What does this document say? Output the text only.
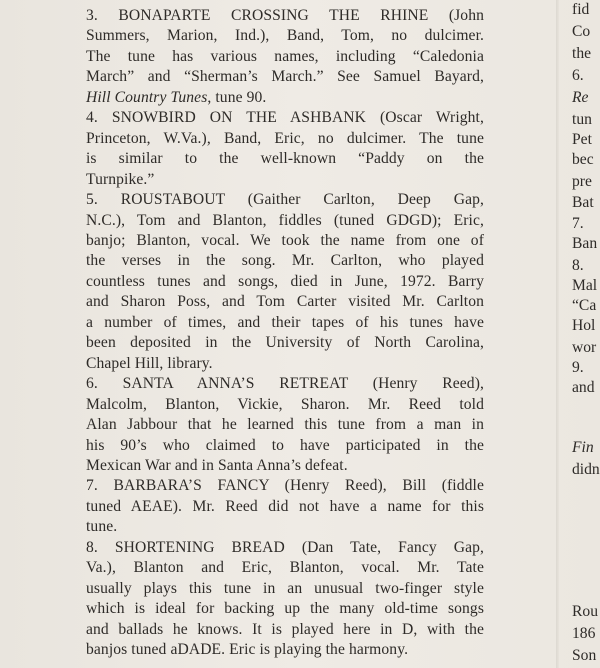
3. BONAPARTE CROSSING THE RHINE (John
Summers, Marion, Ind.), Band, Tom, no dulcimer.
The tune has various names, including “Caledonia
March” and “Sherman’s March.” See Samuel Bayard,
Hill Country Tunes, tune 90.
4. SNOWBIRD ON THE ASHBANK (Oscar Wright,
Princeton, W.Va.), Band, Eric, no dulcimer. The tune
is similar to the well-known “Paddy on the
Turnpike.”
5. ROUSTABOUT (Gaither Carlton, Deep Gap,
N.C.), Tom and Blanton, fiddles (tuned GDGD); Eric,
banjo; Blanton, vocal. We took the name from one of
the verses in the song. Mr. Carlton, who played
countless tunes and songs, died in June, 1972. Barry
and Sharon Poss, and Tom Carter visited Mr. Carlton
a number of times, and their tapes of his tunes have
been deposited in the University of North Carolina,
Chapel Hill, library.
6. SANTA ANNA’S RETREAT (Henry Reed),
Malcolm, Blanton, Vickie, Sharon. Mr. Reed told
Alan Jabbour that he learned this tune from a man in
his 90’s who claimed to have participated in the
Mexican War and in Santa Anna’s defeat.
7. BARBARA’S FANCY (Henry Reed), Bill (fiddle
tuned AEAE). Mr. Reed did not have a name for this
tune.
8. SHORTENING BREAD (Dan Tate, Fancy Gap,
Va.), Blanton and Eric, Blanton, vocal. Mr. Tate
usually plays this tune in an unusual two-finger style
which is ideal for backing up the many old-time songs
and ballads he knows. It is played here in D, with the
banjos tuned aDADE. Eric is playing the harmony.
fid
Co
the
6.
Re
tun
Pet
bec
pre
Bat
7.
Ban
8.
Mal
“Ca
Hol
wor
9.
and
Fin
didn
Rou
186
Son
